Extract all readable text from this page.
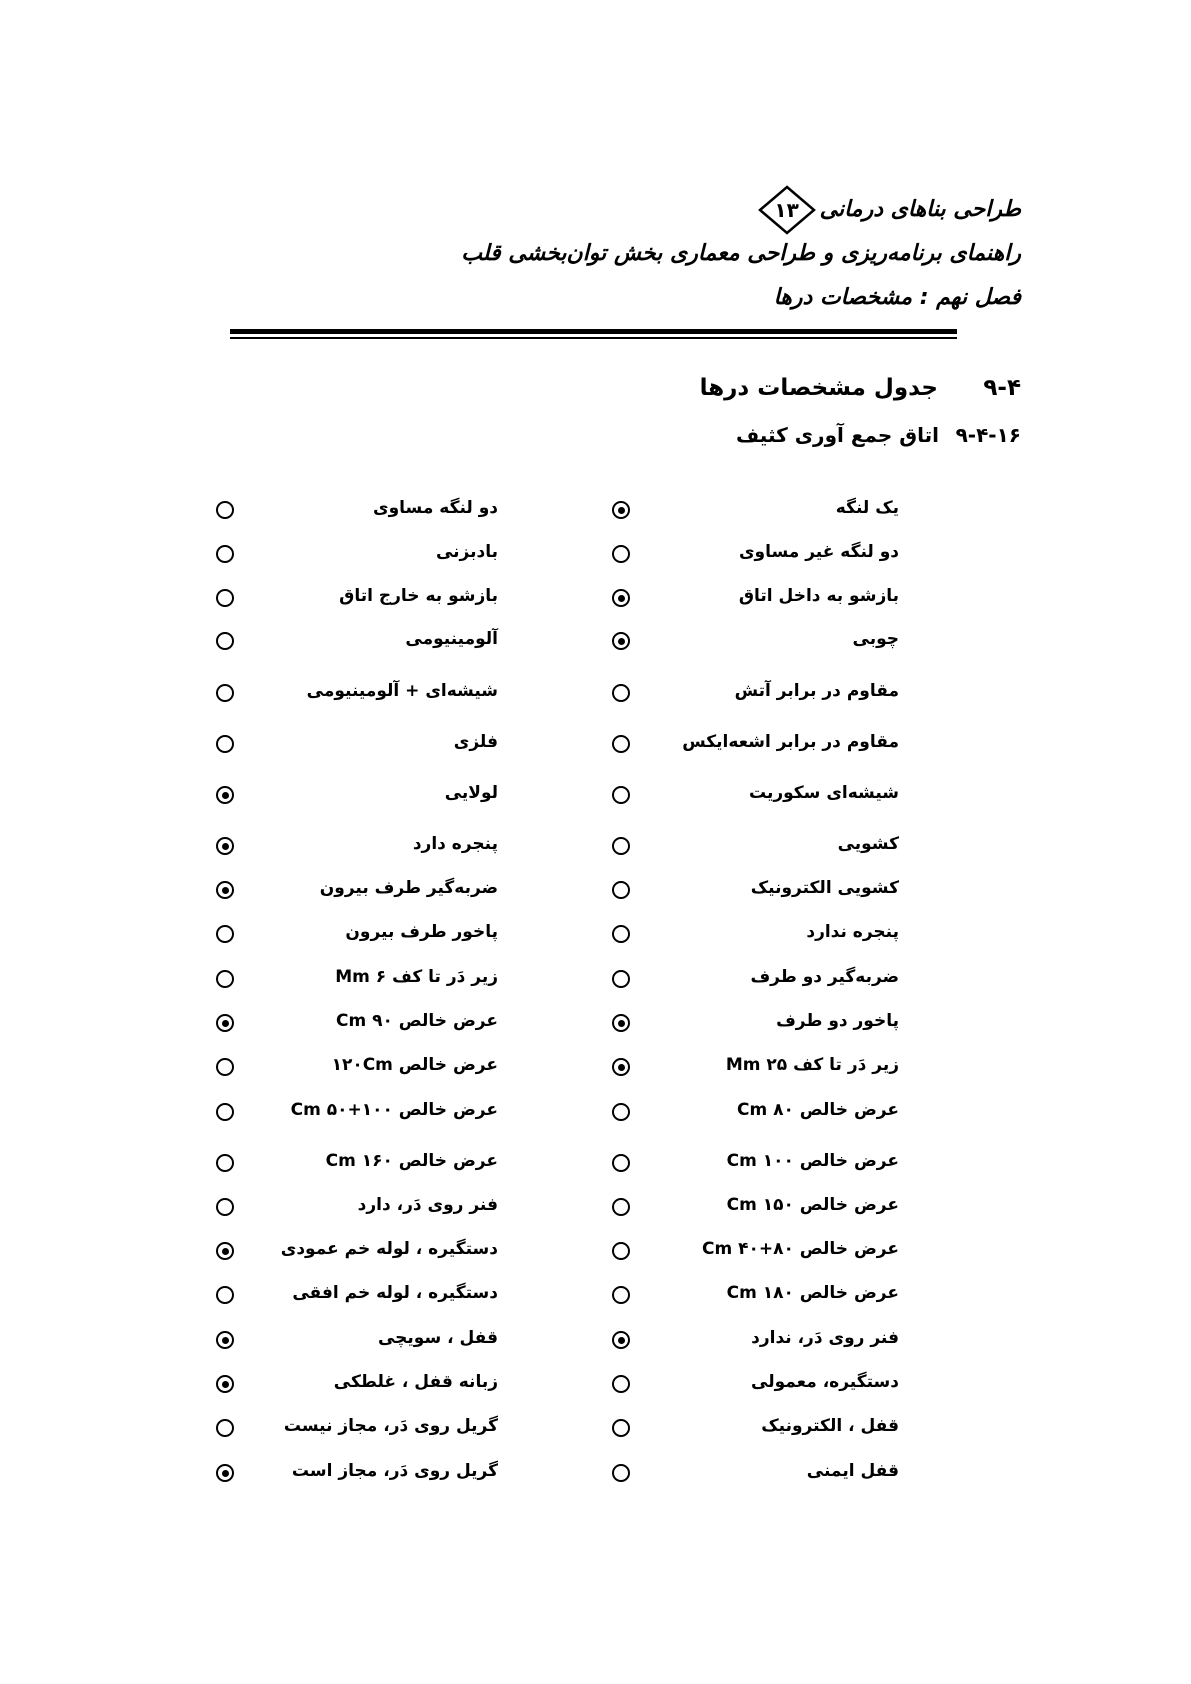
طراحی بناهای درمانی
۱۳
راهنمای برنامه‌ریزی و طراحی معماری بخش توان‌بخشی قلب
فصل نهم : مشخصات درها
۹-۴ جدول مشخصات درها
۹-۴-۱۶ اتاق جمع آوری کثیف
یک لنگه
دو لنگه مساوی
دو لنگه غیر مساوی
بادبزنی
بازشو به داخل اتاق
بازشو به خارج اتاق
چوبی
آلومینیومی
مقاوم در برابر آتش
شیشه‌ای + آلومینیومی
مقاوم در برابر اشعه‌ایکس
فلزی
شیشه‌ای سکوریت
لولایی
کشویی
پنجره دارد
کشویی الکترونیک
ضربه‌گیر طرف بیرون
پنجره ندارد
پاخور طرف بیرون
ضربه‌گیر دو طرف
زیر دَر تا کف Mm ۶
پاخور دو طرف
عرض خالص Cm ۹۰
زیر دَر تا کف Mm ۲۵
عرض خالص ۱۲۰Cm
عرض خالص Cm ۸۰
عرض خالص Cm ۵۰+۱۰۰
عرض خالص Cm ۱۰۰
عرض خالص Cm ۱۶۰
عرض خالص Cm ۱۵۰
فنر روی دَر، دارد
عرض خالص Cm ۴۰+۸۰
دستگیره ، لوله خم عمودی
عرض خالص Cm ۱۸۰
دستگیره ، لوله خم افقی
فنر روی دَر، ندارد
قفل ، سویچی
دستگیره، معمولی
زبانه قفل ، غلطکی
قفل ، الکترونیک
گریل روی دَر، مجاز نیست
قفل ایمنی
گریل روی دَر، مجاز است
